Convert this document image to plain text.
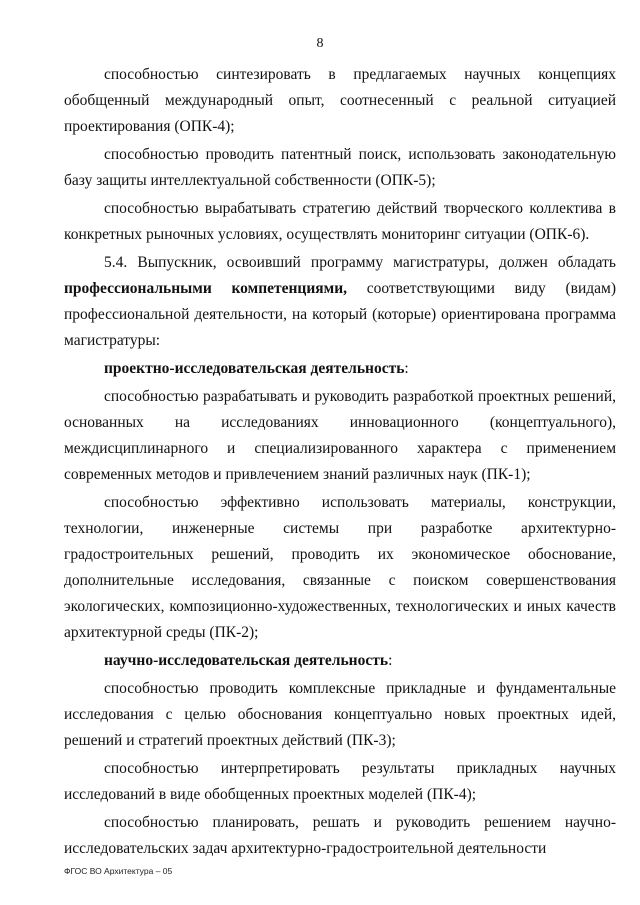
8

способностью синтезировать в предлагаемых научных концепциях обобщенный международный опыт, соотнесенный с реальной ситуацией проектирования (ОПК-4);

способностью проводить патентный поиск, использовать законодательную базу защиты интеллектуальной собственности (ОПК-5);

способностью вырабатывать стратегию действий творческого коллектива в конкретных рыночных условиях, осуществлять мониторинг ситуации (ОПК-6).

5.4. Выпускник, освоивший программу магистратуры, должен обладать профессиональными компетенциями, соответствующими виду (видам) профессиональной деятельности, на который (которые) ориентирована программа магистратуры:

проектно-исследовательская деятельность:

способностью разрабатывать и руководить разработкой проектных решений, основанных на исследованиях инновационного (концептуального), междисциплинарного и специализированного характера с применением современных методов и привлечением знаний различных наук (ПК-1);

способностью эффективно использовать материалы, конструкции, технологии, инженерные системы при разработке архитектурно-градостроительных решений, проводить их экономическое обоснование, дополнительные исследования, связанные с поиском совершенствования экологических, композиционно-художественных, технологических и иных качеств архитектурной среды (ПК-2);

научно-исследовательская деятельность:

способностью проводить комплексные прикладные и фундаментальные исследования с целью обоснования концептуально новых проектных идей, решений и стратегий проектных действий (ПК-3);

способностью интерпретировать результаты прикладных научных исследований в виде обобщенных проектных моделей (ПК-4);

способностью планировать, решать и руководить решением научно-исследовательских задач архитектурно-градостроительной деятельности

ФГОС ВО Архитектура – 05
